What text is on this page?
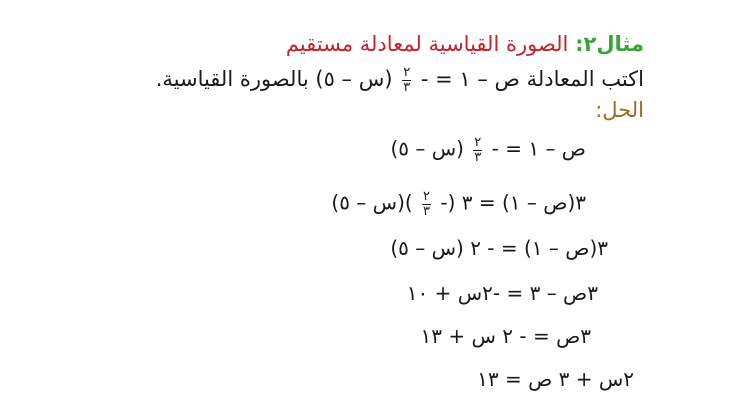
مثال٢: الصورة القياسية لمعادلة مستقيم
اكتب المعادلة ص – ١ = -
$\frac{٢}{٣}$
(س – ٥) بالصورة القياسية.
الحل:
ص – ١ = -
$\frac{٢}{٣}$
(س – ٥)
٣(ص – ١) = ٣ (-
$\frac{٢}{٣}$
)(س – ٥)
٣(ص – ١) = - ٢ (س – ٥)
٣ص – ٣ = -٢س + ١٠
٣ص = - ٢ س + ١٣
٢س + ٣ ص = ١٣
